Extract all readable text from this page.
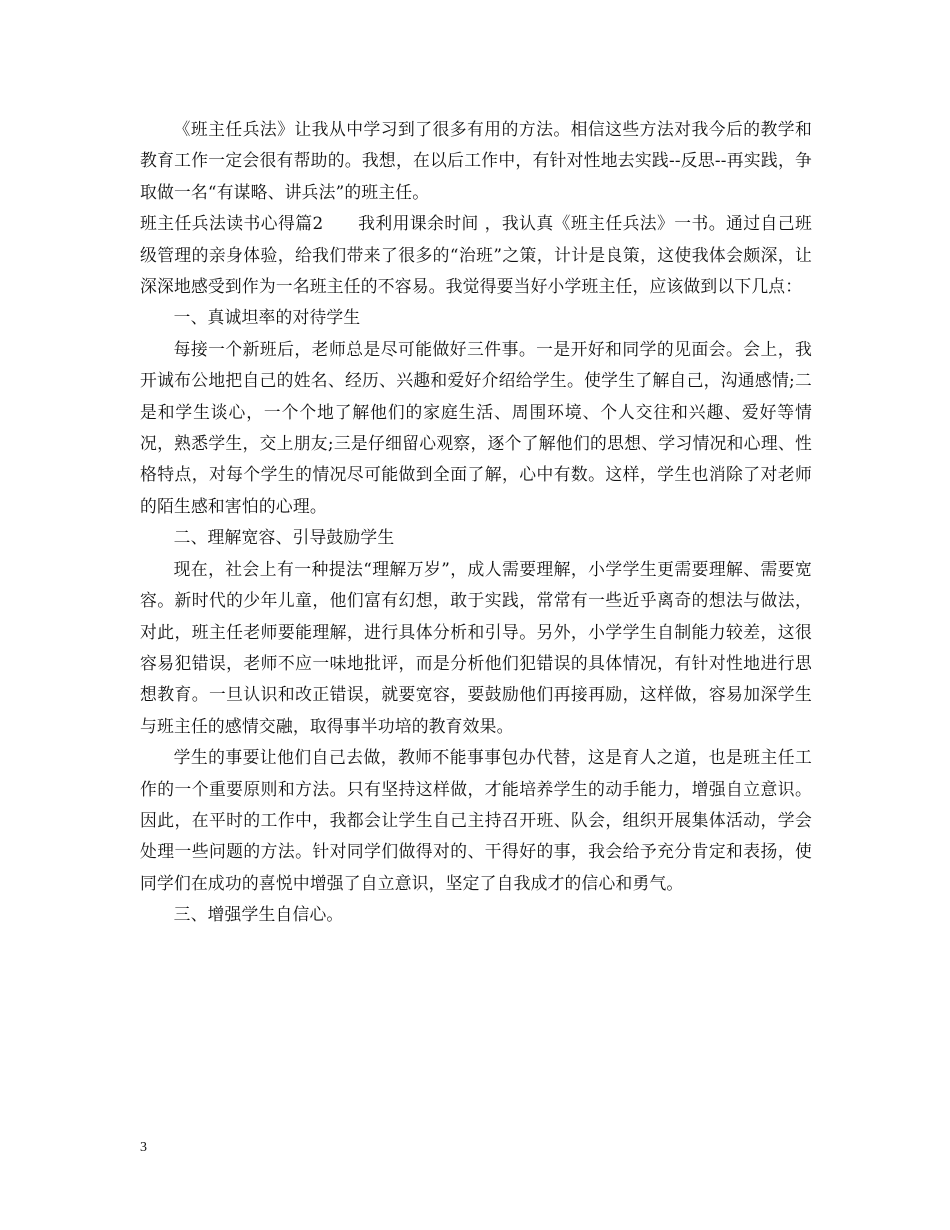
《班主任兵法》让我从中学习到了很多有用的方法。相信这些方法对我今后的教学和教育工作一定会很有帮助的。我想，在以后工作中，有针对性地去实践--反思--再实践，争取做一名“有谋略、讲兵法”的班主任。

班主任兵法读书心得篇2　　我利用课余时间 ，我认真《班主任兵法》一书。通过自己班级管理的亲身体验，给我们带来了很多的“治班”之策，计计是良策，这使我体会颇深，让深深地感受到作为一名班主任的不容易。我觉得要当好小学班主任，应该做到以下几点：

一、真诚坦率的对待学生

每接一个新班后，老师总是尽可能做好三件事。一是开好和同学的见面会。会上，我开诚布公地把自己的姓名、经历、兴趣和爱好介绍给学生。使学生了解自己，沟通感情;二是和学生谈心，一个个地了解他们的家庭生活、周围环境、个人交往和兴趣、爱好等情况，熟悉学生，交上朋友;三是仔细留心观察，逐个了解他们的思想、学习情况和心理、性格特点，对每个学生的情况尽可能做到全面了解，心中有数。这样，学生也消除了对老师的陌生感和害怕的心理。

二、理解宽容、引导鼓励学生

现在，社会上有一种提法“理解万岁”，成人需要理解，小学学生更需要理解、需要宽容。新时代的少年儿童，他们富有幻想，敢于实践，常常有一些近乎离奇的想法与做法，对此，班主任老师要能理解，进行具体分析和引导。另外，小学学生自制能力较差，这很容易犯错误，老师不应一味地批评，而是分析他们犯错误的具体情况，有针对性地进行思想教育。一旦认识和改正错误，就要宽容，要鼓励他们再接再励，这样做，容易加深学生与班主任的感情交融，取得事半功培的教育效果。

学生的事要让他们自己去做，教师不能事事包办代替，这是育人之道，也是班主任工作的一个重要原则和方法。只有坚持这样做，才能培养学生的动手能力，增强自立意识。因此，在平时的工作中，我都会让学生自己主持召开班、队会，组织开展集体活动，学会处理一些问题的方法。针对同学们做得对的、干得好的事，我会给予充分肯定和表扬，使同学们在成功的喜悦中增强了自立意识，坚定了自我成才的信心和勇气。

三、增强学生自信心。

3
